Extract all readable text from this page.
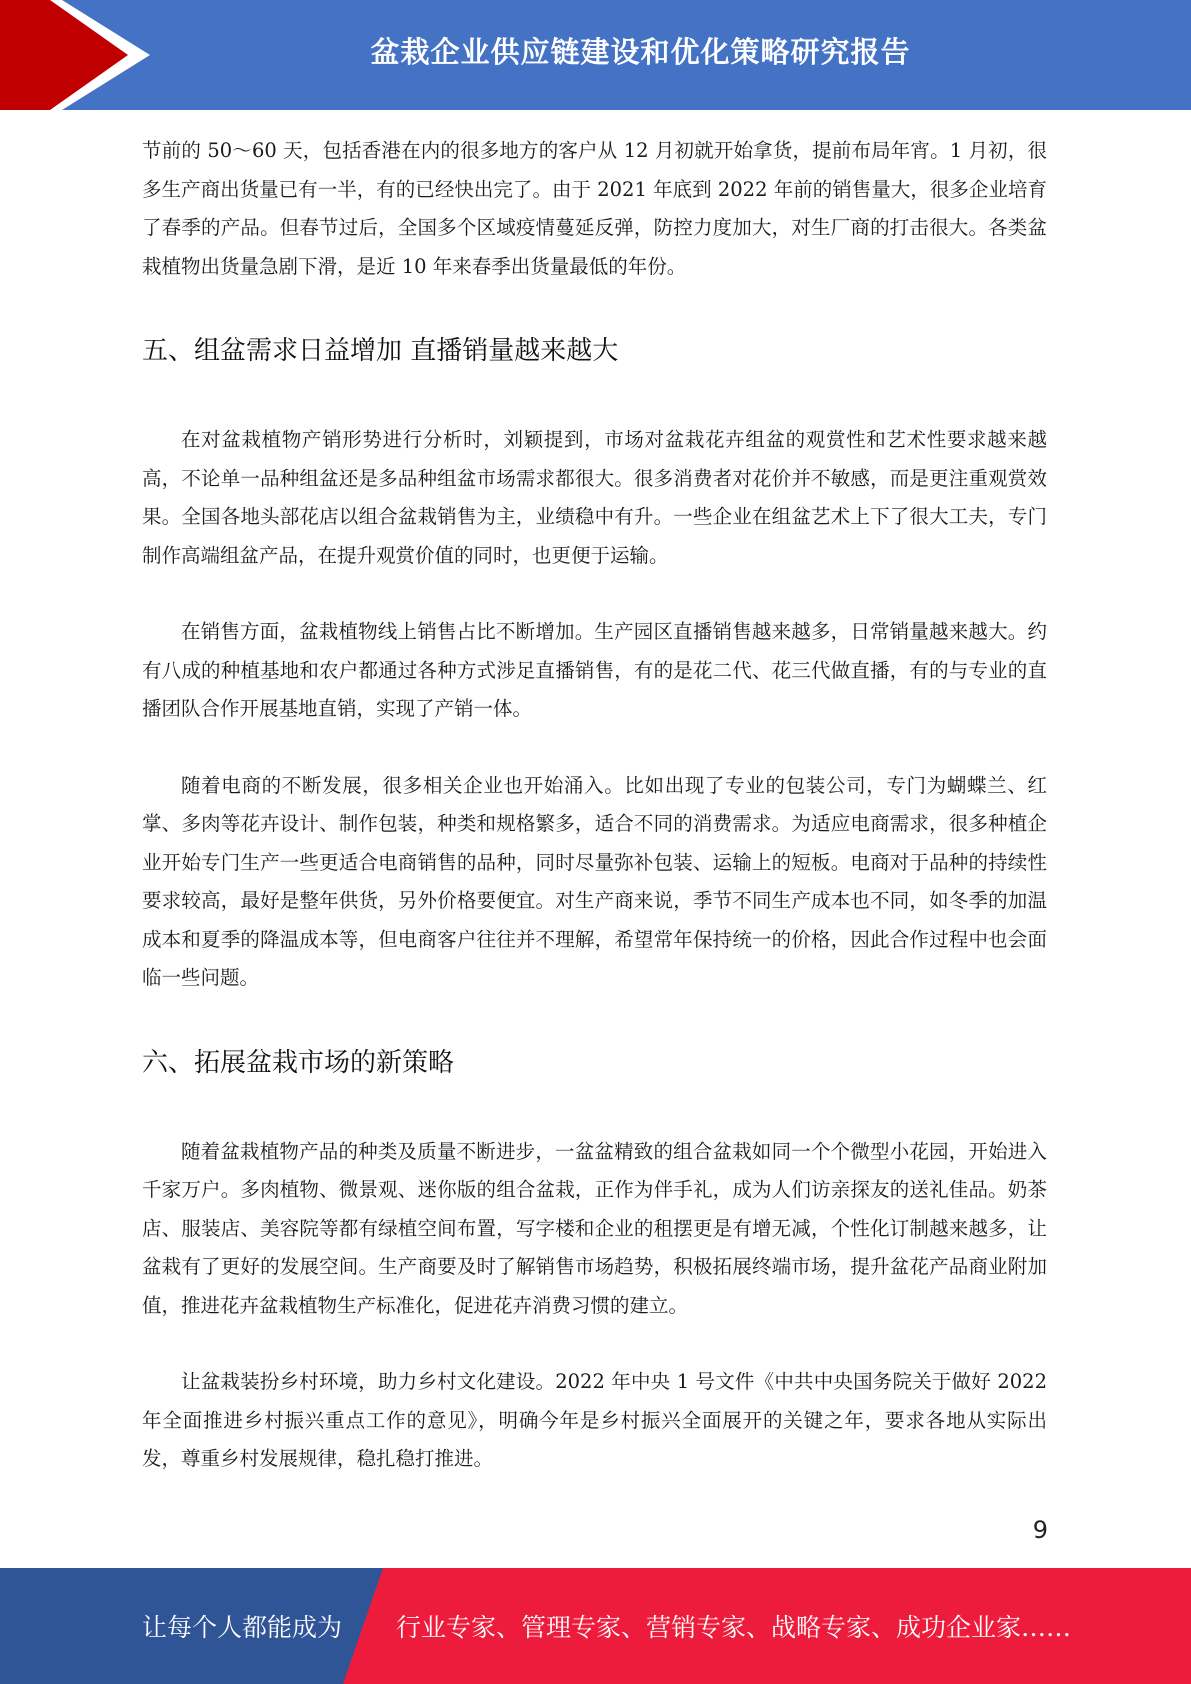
盆栽企业供应链建设和优化策略研究报告

节前的 50～60 天，包括香港在内的很多地方的客户从 12 月初就开始拿货，提前布局年宵。1 月初，很多生产商出货量已有一半，有的已经快出完了。由于 2021 年底到 2022 年前的销售量大，很多企业培育了春季的产品。但春节过后，全国多个区域疫情蔓延反弹，防控力度加大，对生厂商的打击很大。各类盆栽植物出货量急剧下滑，是近 10 年来春季出货量最低的年份。

五、组盆需求日益增加 直播销量越来越大

在对盆栽植物产销形势进行分析时，刘颖提到，市场对盆栽花卉组盆的观赏性和艺术性要求越来越高，不论单一品种组盆还是多品种组盆市场需求都很大。很多消费者对花价并不敏感，而是更注重观赏效果。全国各地头部花店以组合盆栽销售为主，业绩稳中有升。一些企业在组盆艺术上下了很大工夫，专门制作高端组盆产品，在提升观赏价值的同时，也更便于运输。

在销售方面，盆栽植物线上销售占比不断增加。生产园区直播销售越来越多，日常销量越来越大。约有八成的种植基地和农户都通过各种方式涉足直播销售，有的是花二代、花三代做直播，有的与专业的直播团队合作开展基地直销，实现了产销一体。

随着电商的不断发展，很多相关企业也开始涌入。比如出现了专业的包装公司，专门为蝴蝶兰、红掌、多肉等花卉设计、制作包装，种类和规格繁多，适合不同的消费需求。为适应电商需求，很多种植企业开始专门生产一些更适合电商销售的品种，同时尽量弥补包装、运输上的短板。电商对于品种的持续性要求较高，最好是整年供货，另外价格要便宜。对生产商来说，季节不同生产成本也不同，如冬季的加温成本和夏季的降温成本等，但电商客户往往并不理解，希望常年保持统一的价格，因此合作过程中也会面临一些问题。

六、拓展盆栽市场的新策略

随着盆栽植物产品的种类及质量不断进步，一盆盆精致的组合盆栽如同一个个微型小花园，开始进入千家万户。多肉植物、微景观、迷你版的组合盆栽，正作为伴手礼，成为人们访亲探友的送礼佳品。奶茶店、服装店、美容院等都有绿植空间布置，写字楼和企业的租摆更是有增无减，个性化订制越来越多，让盆栽有了更好的发展空间。生产商要及时了解销售市场趋势，积极拓展终端市场，提升盆花产品商业附加值，推进花卉盆栽植物生产标准化，促进花卉消费习惯的建立。

让盆栽装扮乡村环境，助力乡村文化建设。2022 年中央 1 号文件《中共中央国务院关于做好 2022 年全面推进乡村振兴重点工作的意见》，明确今年是乡村振兴全面展开的关键之年，要求各地从实际出发，尊重乡村发展规律，稳扎稳打推进。

9
让每个人都能成为 行业专家、管理专家、营销专家、战略专家、成功企业家……
